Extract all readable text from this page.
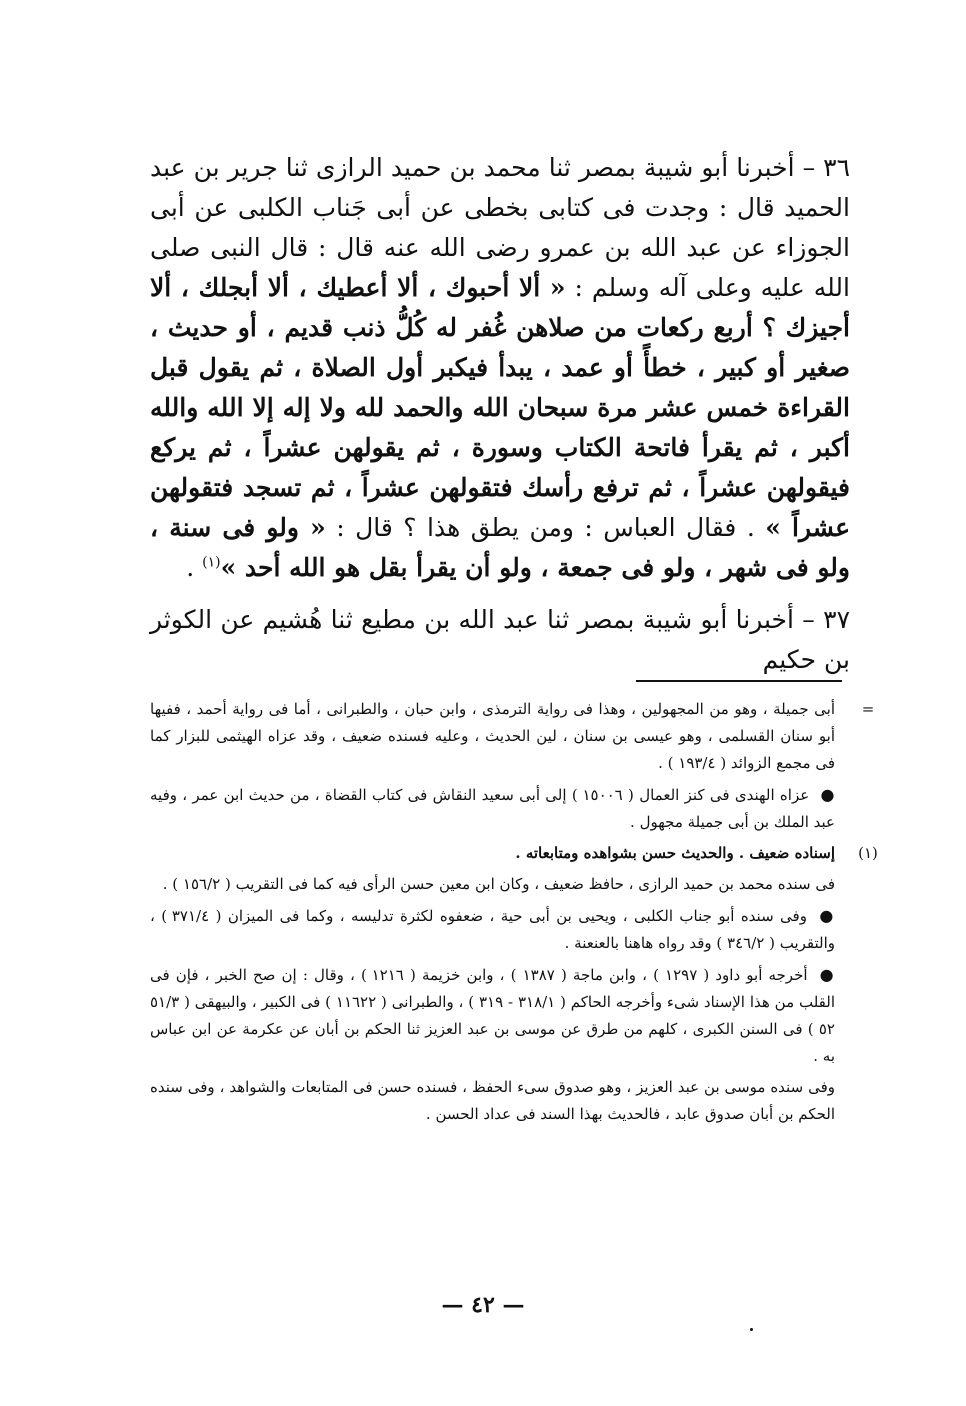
٣٦ – أخبرنا أبو شيبة بمصر ثنا محمد بن حميد الرازى ثنا جرير بن عبد الحميد قال : وجدت فى كتابى بخطى عن أبى جَناب الكلبى عن أبى الجوزاء عن عبد الله بن عمرو رضى الله عنه قال : قال النبى صلى الله عليه وعلى آله وسلم : « ألا أحبوك ، ألا أعطيك ، ألا أبجلك ، ألا أجيزك ؟ أربع ركعات من صلاهن غُفر له كُلُّ ذنب قديم ، أو حديث ، صغير أو كبير ، خطأً أو عمد ، يبدأ فيكبر أول الصلاة ، ثم يقول قبل القراءة خمس عشر مرة سبحان الله والحمد لله ولا إله إلا الله والله أكبر ، ثم يقرأ فاتحة الكتاب وسورة ، ثم يقولهن عشراً ، ثم يركع فيقولهن عشراً ، ثم ترفع رأسك فتقولهن عشراً ، ثم تسجد فتقولهن عشراً » . فقال العباس : ومن يطق هذا ؟ قال : « ولو فى سنة ، ولو فى شهر ، ولو فى جمعة ، ولو أن يقرأ بقل هو الله أحد »$^{(١)}$ .

٣٧ – أخبرنا أبو شيبة بمصر ثنا عبد الله بن مطيع ثنا هُشيم عن الكوثر بن حكيم

=
أبى جميلة ، وهو من المجهولين ، وهذا فى رواية الترمذى ، وابن حبان ، والطبرانى ، أما فى رواية أحمد ، ففيها أبو سنان القسلمى ، وهو عيسى بن سنان ، لين الحديث ، وعليه فسنده ضعيف ، وقد عزاه الهيثمى للبزار كما فى مجمع الزوائد ( ١٩٣/٤ ) .
● عزاه الهندى فى كنز العمال ( ١٥٠٠٦ ) إلى أبى سعيد النقاش فى كتاب القضاة ، من حديث ابن عمر ، وفيه عبد الملك بن أبى جميلة مجهول .
(١)
إسناده ضعيف . والحديث حسن بشواهده ومتابعاته .
فى سنده محمد بن حميد الرازى ، حافظ ضعيف ، وكان ابن معين حسن الرأى فيه كما فى التقريب ( ١٥٦/٢ ) .
● وفى سنده أبو جناب الكلبى ، ويحيى بن أبى حية ، ضعفوه لكثرة تدليسه ، وكما فى الميزان ( ٣٧١/٤ ) ، والتقريب ( ٣٤٦/٢ ) وقد رواه هاهنا بالعنعنة .
● أخرجه أبو داود ( ١٢٩٧ ) ، وابن ماجة ( ١٣٨٧ ) ، وابن خزيمة ( ١٢١٦ ) ، وقال : إن صح الخبر ، فإن فى القلب من هذا الإسناد شىء وأخرجه الحاكم ( ٣١٨/١ - ٣١٩ ) ، والطبرانى ( ١١٦٢٢ ) فى الكبير ، والبيهقى ( ٥١/٣ ٥٢ ) فى السنن الكبرى ، كلهم من طرق عن موسى بن عبد العزيز ثنا الحكم بن أبان عن عكرمة عن ابن عباس به .
وفى سنده موسى بن عبد العزيز ، وهو صدوق سىء الحفظ ، فسنده حسن فى المتابعات والشواهد ، وفى سنده الحكم بن أبان صدوق عابد ، فالحديث بهذا السند فى عداد الحسن .
— ٤٢ —
